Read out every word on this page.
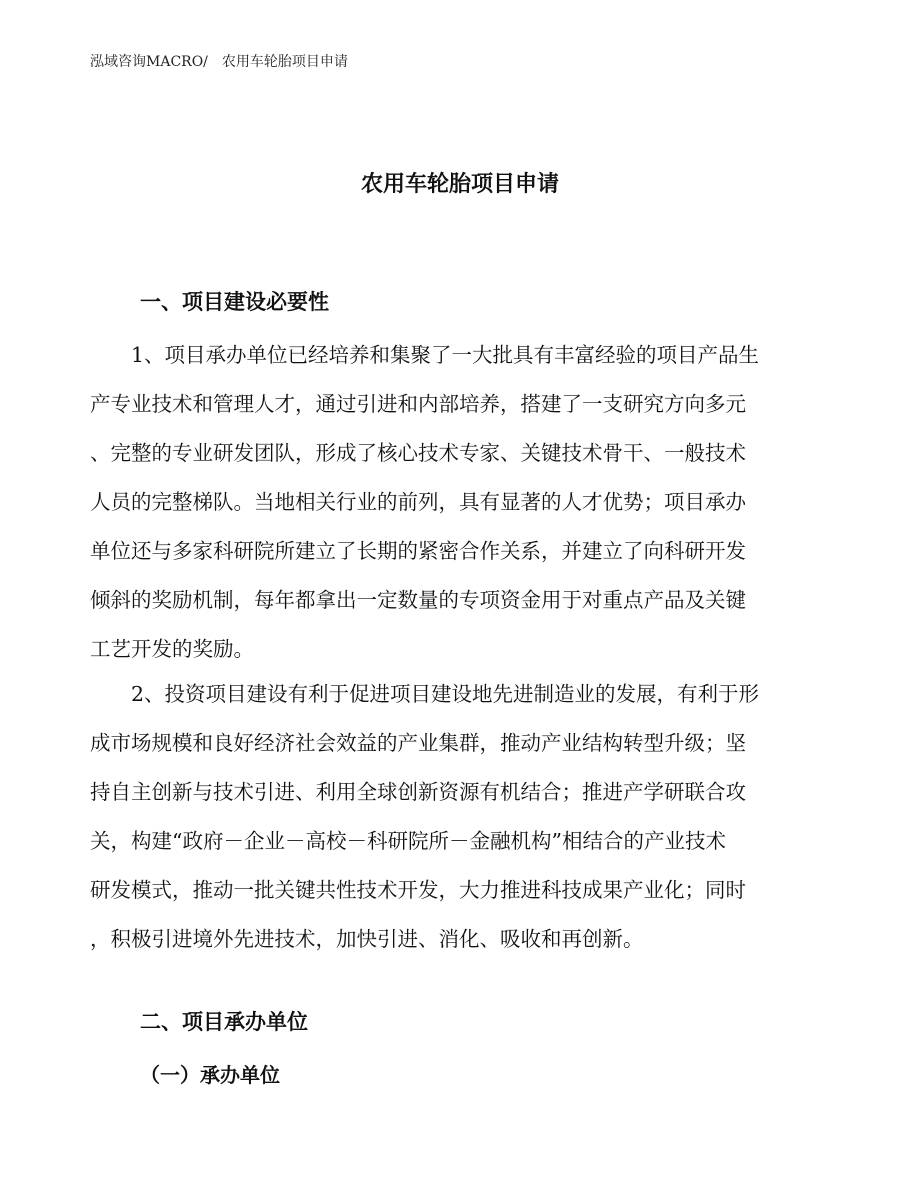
泓域咨询MACRO/ 农用车轮胎项目申请
农用车轮胎项目申请
一、项目建设必要性
　　1、项目承办单位已经培养和集聚了一大批具有丰富经验的项目产品生
产专业技术和管理人才，通过引进和内部培养，搭建了一支研究方向多元
、完整的专业研发团队，形成了核心技术专家、关键技术骨干、一般技术
人员的完整梯队。当地相关行业的前列，具有显著的人才优势；项目承办
单位还与多家科研院所建立了长期的紧密合作关系，并建立了向科研开发
倾斜的奖励机制，每年都拿出一定数量的专项资金用于对重点产品及关键
工艺开发的奖励。
　　2、投资项目建设有利于促进项目建设地先进制造业的发展，有利于形
成市场规模和良好经济社会效益的产业集群，推动产业结构转型升级；坚
持自主创新与技术引进、利用全球创新资源有机结合；推进产学研联合攻
关，构建“政府－企业－高校－科研院所－金融机构”相结合的产业技术
研发模式，推动一批关键共性技术开发，大力推进科技成果产业化；同时
，积极引进境外先进技术，加快引进、消化、吸收和再创新。
二、项目承办单位
（一）承办单位
